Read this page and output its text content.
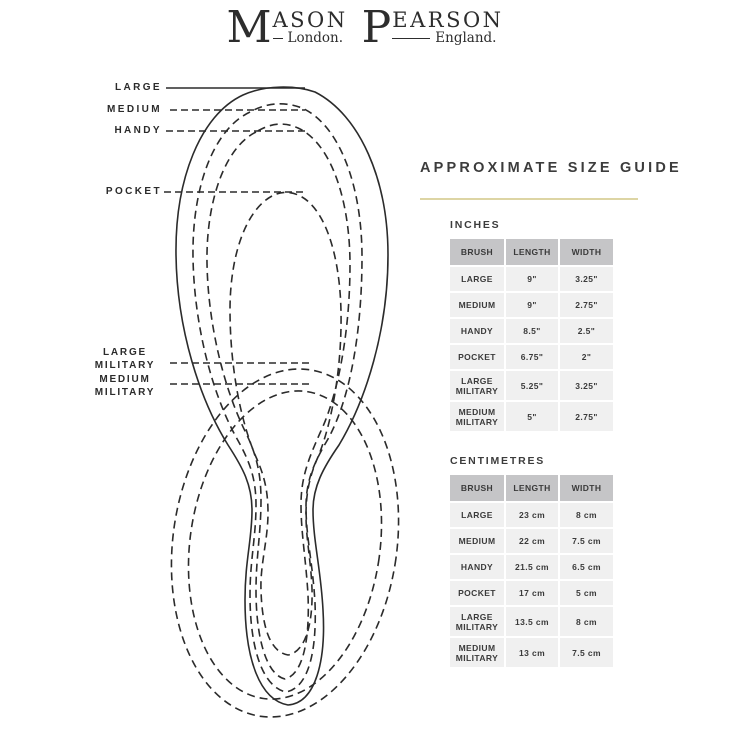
M ASON
London. P EARSON
England.
LARGE
MEDIUM
HANDY
POCKET
LARGE MILITARY
MEDIUM MILITARY
APPROXIMATE SIZE GUIDE
INCHES
BRUSH	LENGTH	WIDTH
LARGE	9"	3.25"
MEDIUM	9"	2.75"
HANDY	8.5"	2.5"
POCKET	6.75"	2"
LARGE MILITARY	5.25"	3.25"
MEDIUM MILITARY	5"	2.75"
CENTIMETRES
BRUSH	LENGTH	WIDTH
LARGE	23 cm	8 cm
MEDIUM	22 cm	7.5 cm
HANDY	21.5 cm	6.5 cm
POCKET	17 cm	5 cm
LARGE MILITARY	13.5 cm	8 cm
MEDIUM MILITARY	13 cm	7.5 cm
